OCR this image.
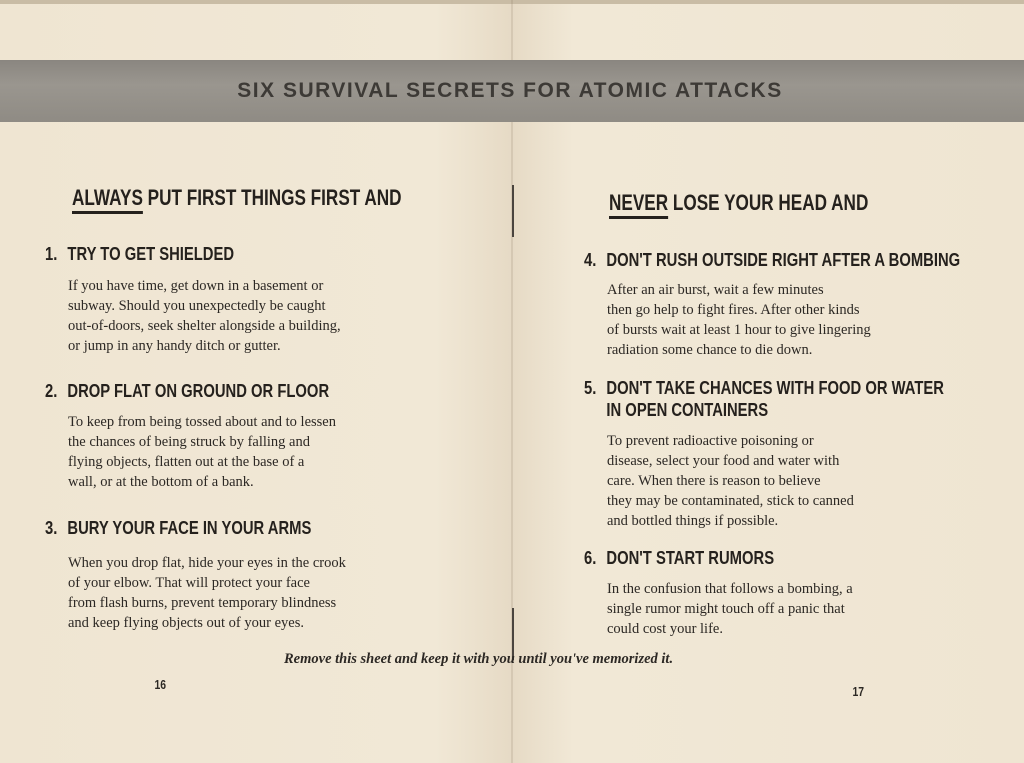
SIX SURVIVAL SECRETS FOR ATOMIC ATTACKS
ALWAYS PUT FIRST THINGS FIRST AND
1. TRY TO GET SHIELDED
If you have time, get down in a basement or
subway. Should you unexpectedly be caught
out-of-doors, seek shelter alongside a building,
or jump in any handy ditch or gutter.
2. DROP FLAT ON GROUND OR FLOOR
To keep from being tossed about and to lessen
the chances of being struck by falling and
flying objects, flatten out at the base of a
wall, or at the bottom of a bank.
3. BURY YOUR FACE IN YOUR ARMS
When you drop flat, hide your eyes in the crook
of your elbow. That will protect your face
from flash burns, prevent temporary blindness
and keep flying objects out of your eyes.
NEVER LOSE YOUR HEAD AND
4. DON'T RUSH OUTSIDE RIGHT AFTER A BOMBING
After an air burst, wait a few minutes
then go help to fight fires. After other kinds
of bursts wait at least 1 hour to give lingering
radiation some chance to die down.
5. DON'T TAKE CHANCES WITH FOOD OR WATER
IN OPEN CONTAINERS
To prevent radioactive poisoning or
disease, select your food and water with
care. When there is reason to believe
they may be contaminated, stick to canned
and bottled things if possible.
6. DON'T START RUMORS
In the confusion that follows a bombing, a
single rumor might touch off a panic that
could cost your life.
Remove this sheet and keep it with you until you've memorized it.
16	17
